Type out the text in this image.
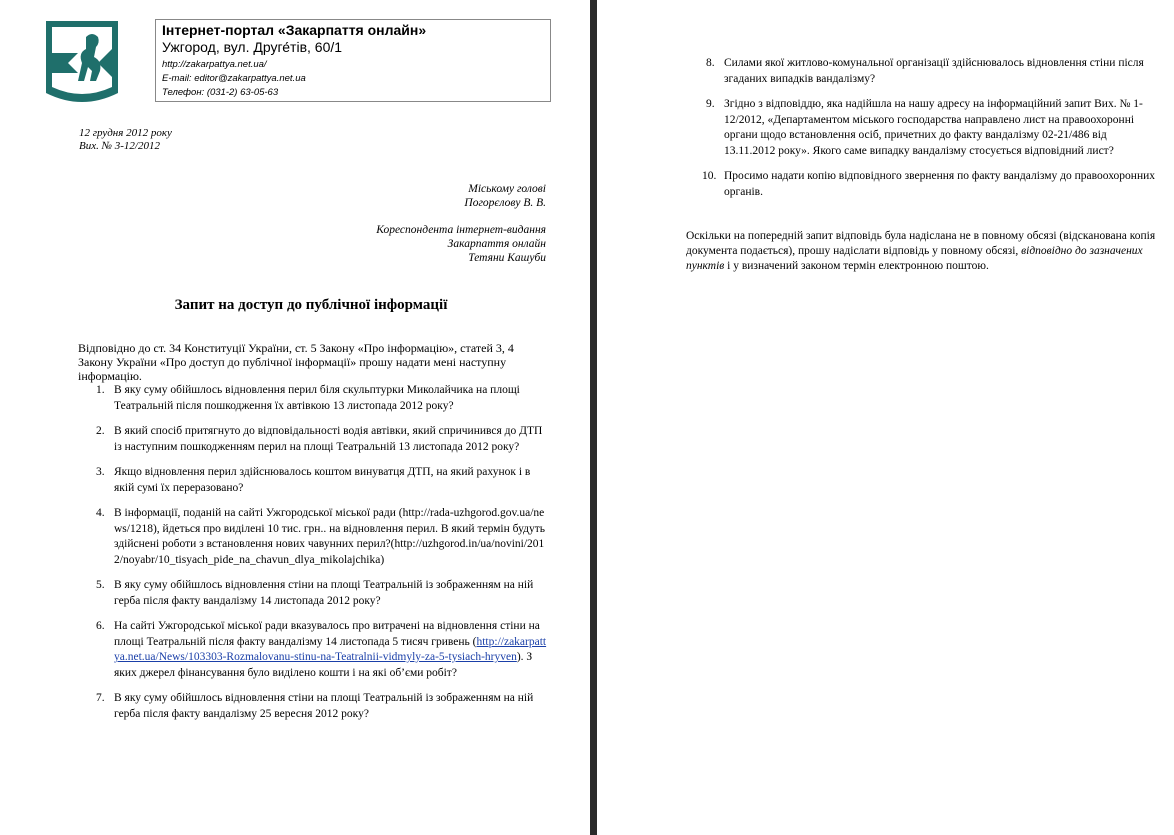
Інтернет-портал «Закарпаття онлайн»
Ужгород, вул. Друге́тів, 60/1
http://zakarpattya.net.ua/
E-mail: editor@zakarpattya.net.ua
Телефон: (031-2) 63-05-63
12 грудня 2012 року
Вих. № 3-12/2012
Міському голові
Погорєлову В. В.
Кореспондента інтернет-видання
Закарпаття онлайн
Тетяни Кашуби
Запит на доступ до публічної інформації
Відповідно до ст. 34 Конституції України, ст. 5 Закону «Про інформацію», статей 3, 4 Закону України «Про доступ до публічної інформації» прошу надати мені наступну інформацію.
1. В яку суму обійшлось відновлення перил біля скульптурки Миколайчика на площі Театральній після пошкодження їх автівкою 13 листопада 2012 року?
2. В який спосіб притягнуто до відповідальності водія автівки, який спричинився до ДТП із наступним пошкодженням перил на площі Театральній 13 листопада 2012 року?
3. Якщо відновлення перил здійснювалось коштом винуватця ДТП, на який рахунок і в якій сумі їх переразовано?
4. В інформації, поданій на сайті Ужгородської міської ради (http://rada-uzhgorod.gov.ua/news/1218), йдеться про виділені 10 тис. грн.. на відновлення перил. В який термін будуть здійснені роботи з встановлення нових чавунних перил?(http://uzhgorod.in/ua/novini/2012/noyabr/10_tisyach_pide_na_chavun_dlya_mikolajchika)
5. В яку суму обійшлось відновлення стіни на площі Театральній із зображенням на ній герба після факту вандалізму 14 листопада 2012 року?
6. На сайті Ужгородської міської ради вказувалось про витрачені на відновлення стіни на площі Театральній після факту вандалізму 14 листопада 5 тисяч гривень (http://zakarpattya.net.ua/News/103303-Rozmalovanu-stinu-na-Teatralnii-vidmyly-za-5-tysiach-hryven). З яких джерел фінансування було виділено кошти і на які об’єми робіт?
7. В яку суму обійшлось відновлення стіни на площі Театральній із зображенням на ній герба після факту вандалізму 25 вересня 2012 року?
8. Силами якої житлово-комунальної організації здійснювалось відновлення стіни після згаданих випадків вандалізму?
9. Згідно з відповіддю, яка надійшла на нашу адресу на інформаційний запит Вих. № 1-12/2012, «Департаментом міського господарства направлено лист на правоохоронні органи щодо встановлення осіб, причетних до факту вандалізму 02-21/486 від 13.11.2012 року». Якого саме випадку вандалізму стосується відповідний лист?
10. Просимо надати копію відповідного звернення по факту вандалізму до правоохоронних органів.
Оскільки на попередній запит відповідь була надіслана не в повному обсязі (відсканована копія документа подається), прошу надіслати відповідь у повному обсязі, відповідно до зазначених пунктів і у визначений законом термін електронною поштою.
